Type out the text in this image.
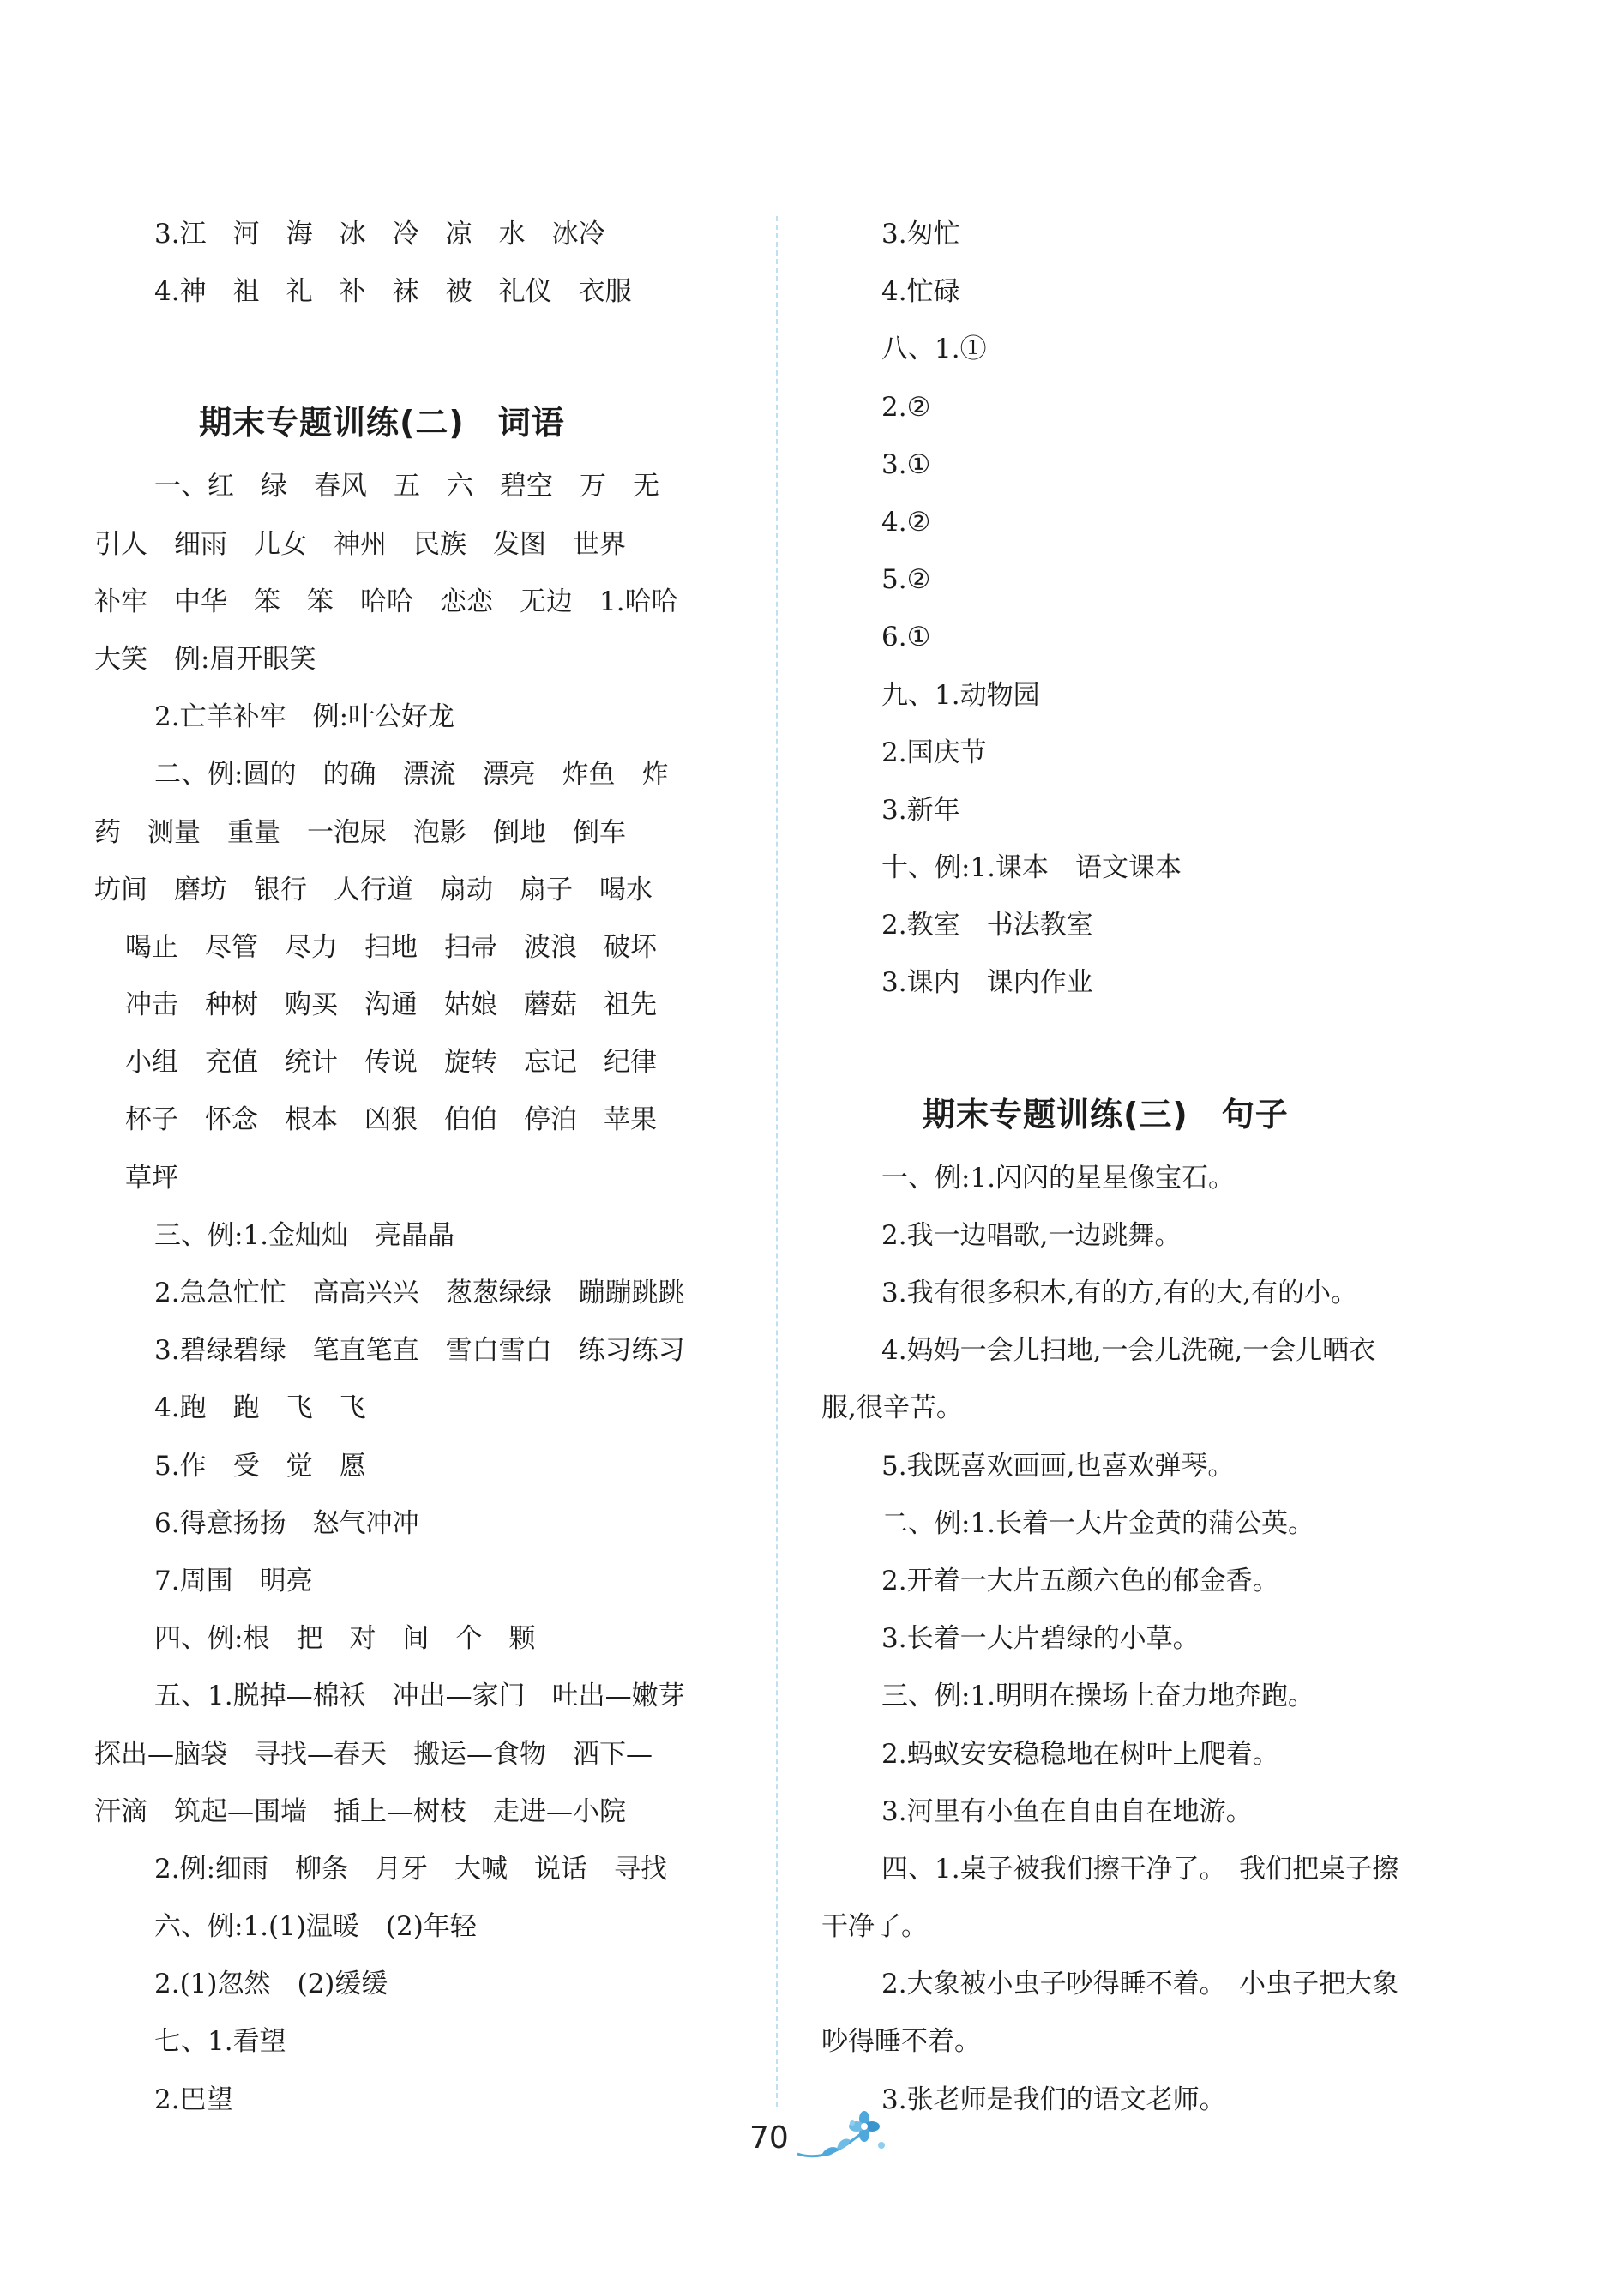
3.江　河　海　冰　冷　凉　水　冰冷
4.神　祖　礼　补　袜　被　礼仪　衣服
期末专题训练(二)　词语
一、红　绿　春风　五　六　碧空　万　无
引人　细雨　儿女　神州　民族　发图　世界
补牢　中华　笨　笨　哈哈　恋恋　无边　1.哈哈
大笑　例:眉开眼笑
2.亡羊补牢　例:叶公好龙
二、例:圆的　的确　漂流　漂亮　炸鱼　炸
药　测量　重量　一泡尿　泡影　倒地　倒车
坊间　磨坊　银行　人行道　扇动　扇子　喝水
喝止　尽管　尽力　扫地　扫帚　波浪　破坏
冲击　种树　购买　沟通　姑娘　蘑菇　祖先
小组　充值　统计　传说　旋转　忘记　纪律
杯子　怀念　根本　凶狠　伯伯　停泊　苹果
草坪
三、例:1.金灿灿　亮晶晶
2.急急忙忙　高高兴兴　葱葱绿绿　蹦蹦跳跳
3.碧绿碧绿　笔直笔直　雪白雪白　练习练习
4.跑　跑　飞　飞
5.作　受　觉　愿
6.得意扬扬　怒气冲冲
7.周围　明亮
四、例:根　把　对　间　个　颗
五、1.脱掉—棉袄　冲出—家门　吐出—嫩芽
探出—脑袋　寻找—春天　搬运—食物　洒下—
汗滴　筑起—围墙　插上—树枝　走进—小院
2.例:细雨　柳条　月牙　大喊　说话　寻找
六、例:1.(1)温暖　(2)年轻
2.(1)忽然　(2)缓缓
七、1.看望
2.巴望
3.匆忙
4.忙碌
八、1.①
2.②
3.①
4.②
5.②
6.①
九、1.动物园
2.国庆节
3.新年
十、例:1.课本　语文课本
2.教室　书法教室
3.课内　课内作业
期末专题训练(三)　句子
一、例:1.闪闪的星星像宝石。
2.我一边唱歌,一边跳舞。
3.我有很多积木,有的方,有的大,有的小。
4.妈妈一会儿扫地,一会儿洗碗,一会儿晒衣
服,很辛苦。
5.我既喜欢画画,也喜欢弹琴。
二、例:1.长着一大片金黄的蒲公英。
2.开着一大片五颜六色的郁金香。
3.长着一大片碧绿的小草。
三、例:1.明明在操场上奋力地奔跑。
2.蚂蚁安安稳稳地在树叶上爬着。
3.河里有小鱼在自由自在地游。
四、1.桌子被我们擦干净了。　我们把桌子擦
干净了。
2.大象被小虫子吵得睡不着。　小虫子把大象
吵得睡不着。
3.张老师是我们的语文老师。
70
